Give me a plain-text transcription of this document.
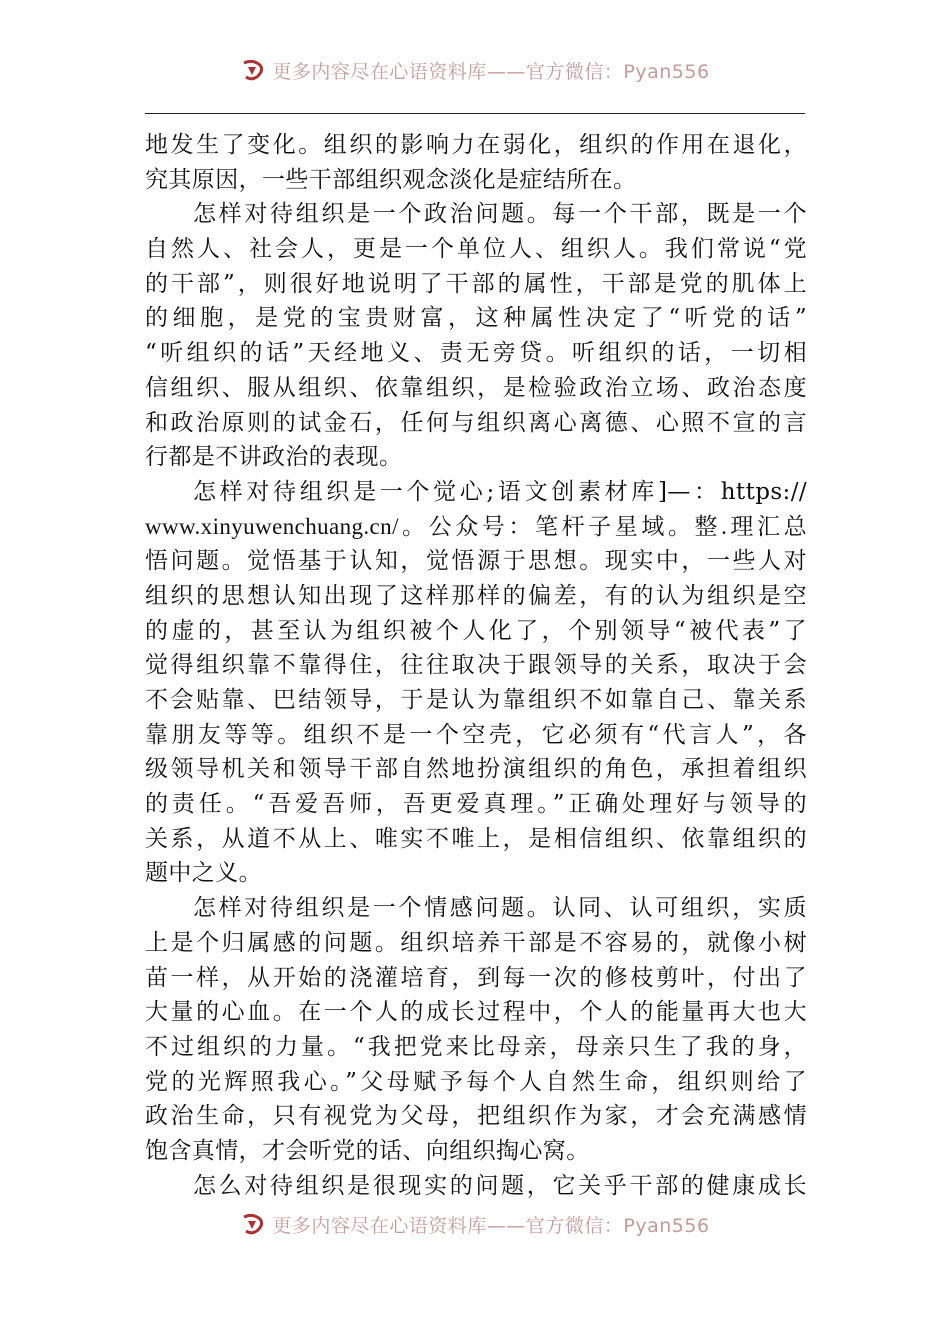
更多内容尽在心语资料库——官方微信：Pyan556
地发生了变化。组织的影响力在弱化，组织的作用在退化，
究其原因，一些干部组织观念淡化是症结所在。
怎样对待组织是一个政治问题。每一个干部，既是一个
自然人、社会人，更是一个单位人、组织人。我们常说“党
的干部”，则很好地说明了干部的属性，干部是党的肌体上
的细胞，是党的宝贵财富，这种属性决定了“听党的话”
“听组织的话”天经地义、责无旁贷。听组织的话，一切相
信组织、服从组织、依靠组织，是检验政治立场、政治态度
和政治原则的试金石，任何与组织离心离德、心照不宣的言
行都是不讲政治的表现。
怎样对待组织是一个觉心;语文创素材库]—：https://
www.xinyuwenchuang.cn/。公众号：笔杆子星域。整.理汇总
悟问题。觉悟基于认知，觉悟源于思想。现实中，一些人对
组织的思想认知出现了这样那样的偏差，有的认为组织是空
的虚的，甚至认为组织被个人化了，个别领导“被代表”了
觉得组织靠不靠得住，往往取决于跟领导的关系，取决于会
不会贴靠、巴结领导，于是认为靠组织不如靠自己、靠关系
靠朋友等等。组织不是一个空壳，它必须有“代言人”，各
级领导机关和领导干部自然地扮演组织的角色，承担着组织
的责任。“吾爱吾师，吾更爱真理。”正确处理好与领导的
关系，从道不从上、唯实不唯上，是相信组织、依靠组织的
题中之义。
怎样对待组织是一个情感问题。认同、认可组织，实质
上是个归属感的问题。组织培养干部是不容易的，就像小树
苗一样，从开始的浇灌培育，到每一次的修枝剪叶，付出了
大量的心血。在一个人的成长过程中，个人的能量再大也大
不过组织的力量。“我把党来比母亲，母亲只生了我的身，
党的光辉照我心。”父母赋予每个人自然生命，组织则给了
政治生命，只有视党为父母，把组织作为家，才会充满感情
饱含真情，才会听党的话、向组织掏心窝。
怎么对待组织是很现实的问题，它关乎干部的健康成长
更多内容尽在心语资料库——官方微信：Pyan556
